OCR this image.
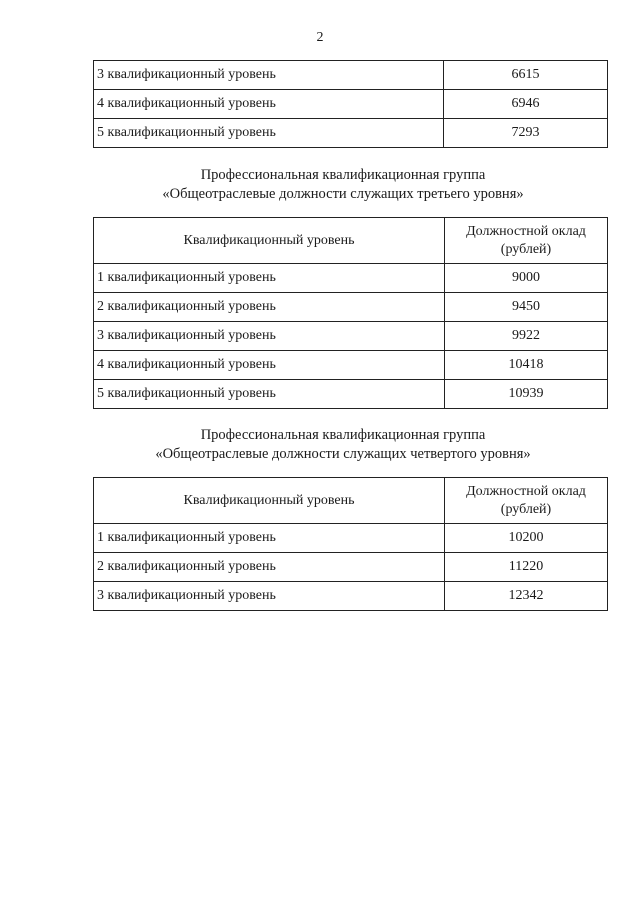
2
3 квалификационный уровень	6615
4 квалификационный уровень	6946
5 квалификационный уровень	7293
Профессиональная квалификационная группа
«Общеотраслевые должности служащих третьего уровня»
Квалификационный уровень	Должностной оклад
(рублей)

1 квалификационный уровень	9000
2 квалификационный уровень	9450
3 квалификационный уровень	9922
4 квалификационный уровень	10418
5 квалификационный уровень	10939
Профессиональная квалификационная группа
«Общеотраслевые должности служащих четвертого уровня»
Квалификационный уровень	Должностной оклад
(рублей)

1 квалификационный уровень	10200
2 квалификационный уровень	11220
3 квалификационный уровень	12342
